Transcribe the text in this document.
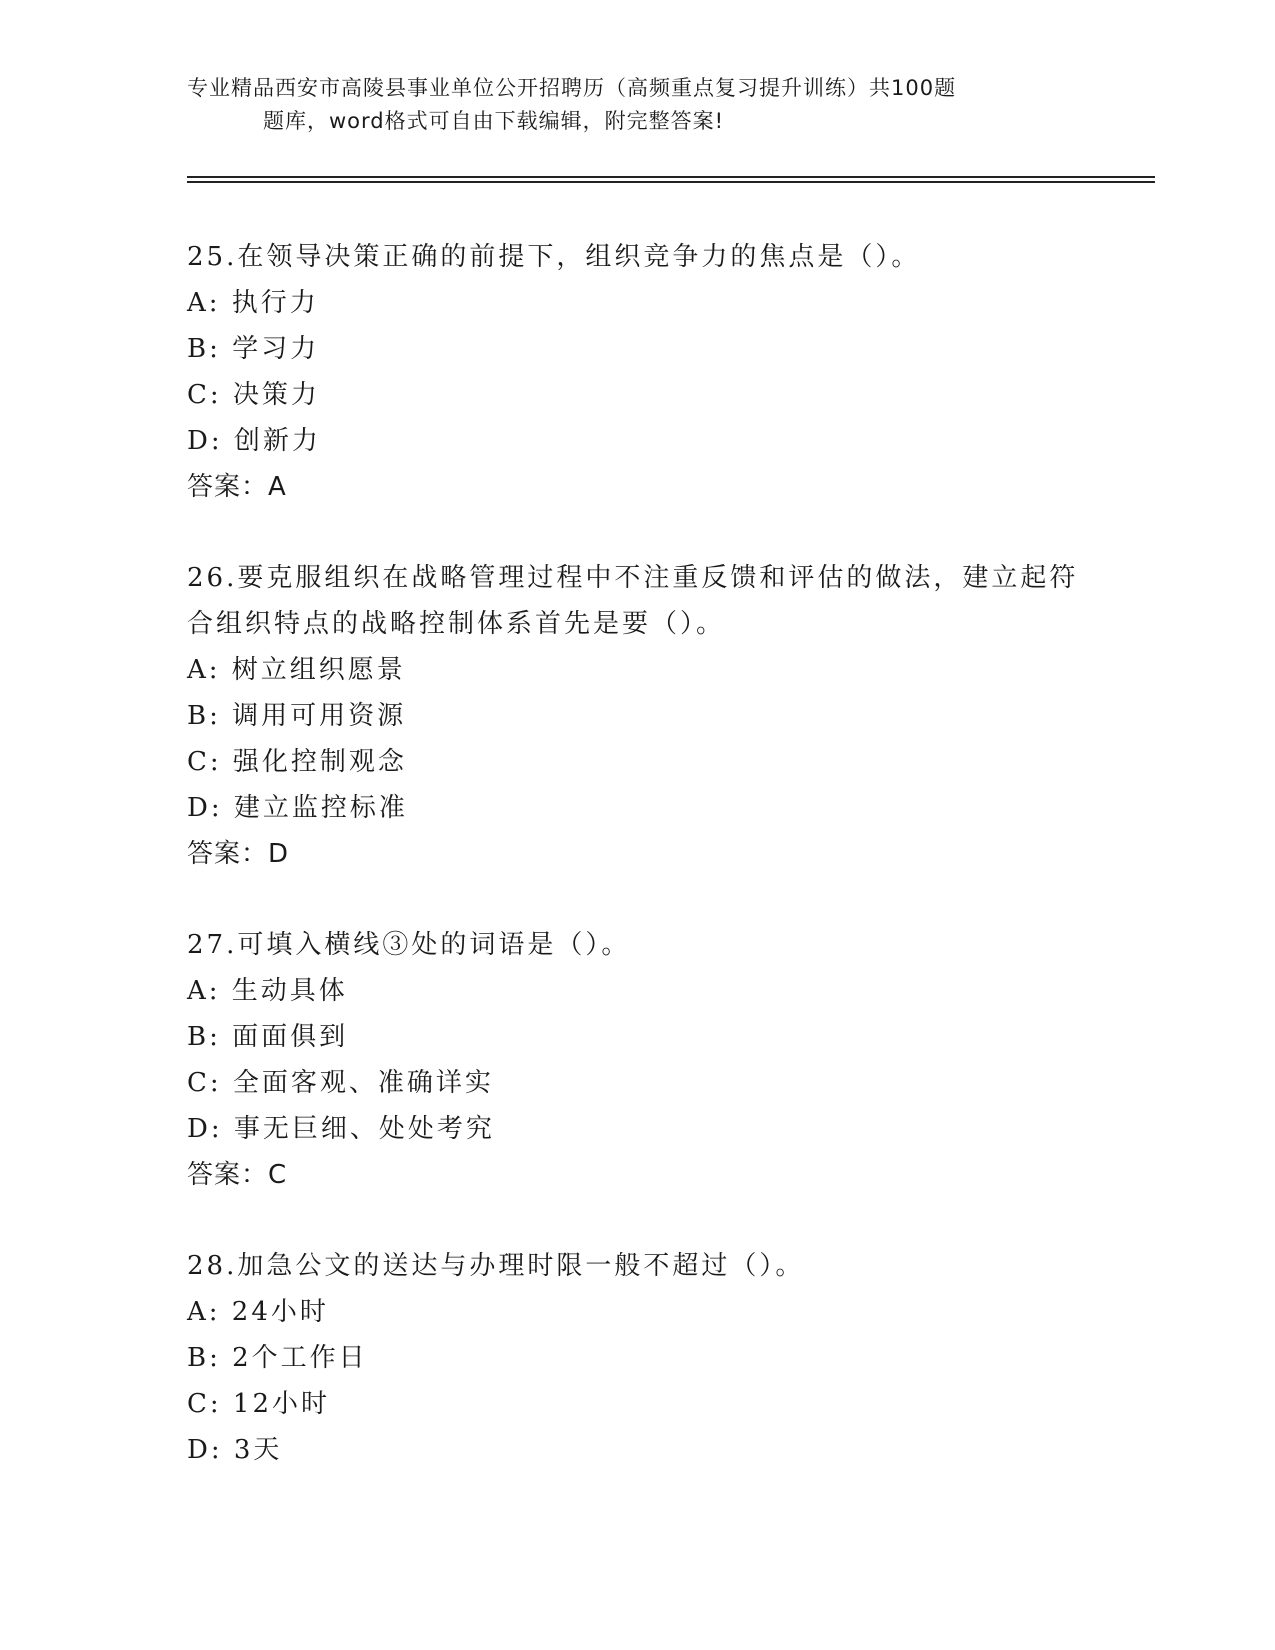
专业精品西安市高陵县事业单位公开招聘历（高频重点复习提升训练）共100题
题库，word格式可自由下载编辑，附完整答案!
25.在领导决策正确的前提下，组织竞争力的焦点是（）。
A: 执行力
B: 学习力
C: 决策力
D: 创新力
答案：A
26.要克服组织在战略管理过程中不注重反馈和评估的做法，建立起符合组织特点的战略控制体系首先是要（）。
A: 树立组织愿景
B: 调用可用资源
C: 强化控制观念
D: 建立监控标准
答案：D
27.可填入横线③处的词语是（）。
A: 生动具体
B: 面面俱到
C: 全面客观、准确详实
D: 事无巨细、处处考究
答案：C
28.加急公文的送达与办理时限一般不超过（）。
A: 24小时
B: 2个工作日
C: 12小时
D: 3天
